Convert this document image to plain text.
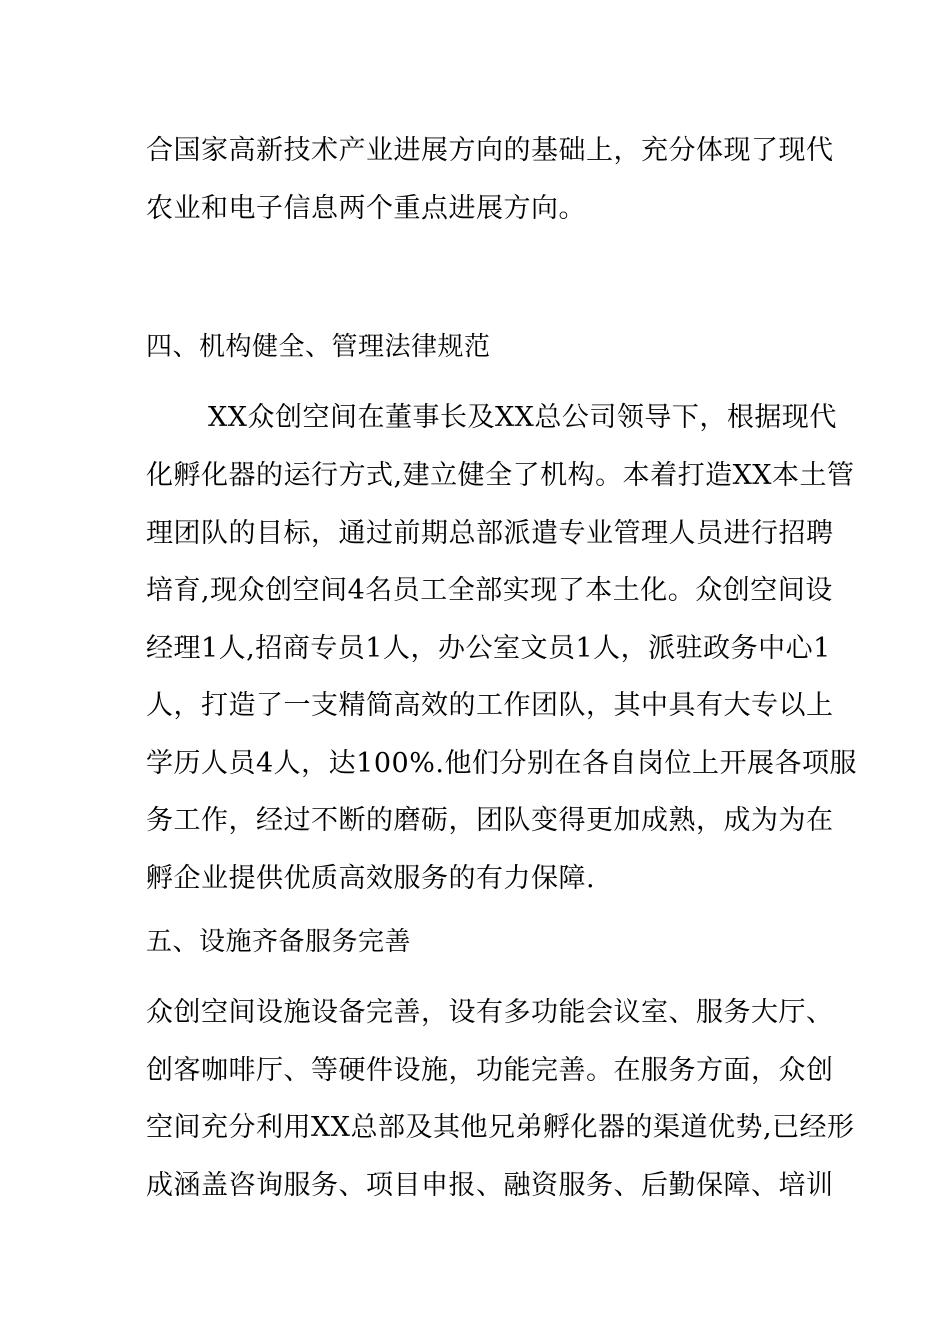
合国家高新技术产业进展方向的基础上，充分体现了现代
农业和电子信息两个重点进展方向。
四、机构健全、管理法律规范
XX众创空间在董事长及XX总公司领导下，根据现代
化孵化器的运行方式,建立健全了机构。本着打造XX本土管
理团队的目标，通过前期总部派遣专业管理人员进行招聘
培育,现众创空间4名员工全部实现了本土化。众创空间设
经理1人,招商专员1人，办公室文员1人，派驻政务中心1
人，打造了一支精简高效的工作团队，其中具有大专以上
学历人员4人，达100%.他们分别在各自岗位上开展各项服
务工作，经过不断的磨砺，团队变得更加成熟，成为为在
孵企业提供优质高效服务的有力保障.
五、设施齐备服务完善
众创空间设施设备完善，设有多功能会议室、服务大厅、
创客咖啡厅、等硬件设施，功能完善。在服务方面，众创
空间充分利用XX总部及其他兄弟孵化器的渠道优势,已经形
成涵盖咨询服务、项目申报、融资服务、后勤保障、培训
